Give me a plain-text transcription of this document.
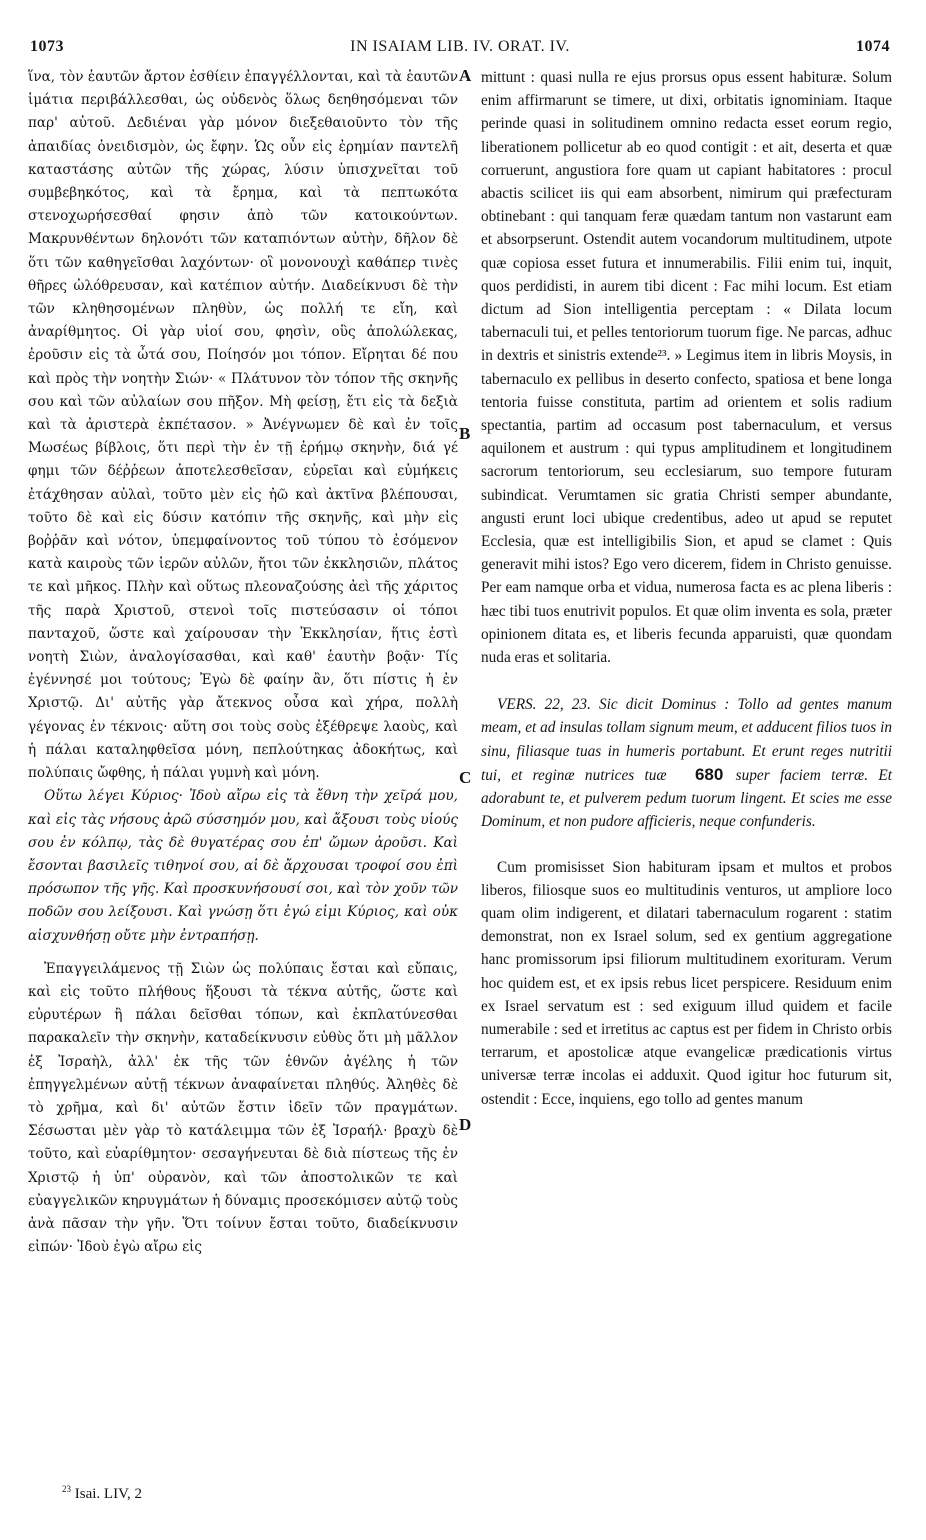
1073	IN ISAIAM LIB. IV. ORAT. IV.	1074

ἵνα, τὸν ἑαυτῶν ἄρτον ἐσθίειν ἐπαγγέλλονται, καὶ τὰ ἑαυτῶν ἱμάτια περιβάλλεσθαι, ὡς οὐδενὸς ὅλως δεηθησόμεναι τῶν παρ' αὐτοῦ. Δεδιέναι γὰρ μόνον διεξεθαιοῦντο τὸν τῆς ἀπαιδίας ὀνειδισμὸν, ὡς ἔφην. Ὡς οὖν εἰς ἐρημίαν παντελῆ καταστάσης αὐτῶν τῆς χώρας, λύσιν ὑπισχνεῖται τοῦ συμβεβηκότος, καὶ τὰ ἔρημα, καὶ τὰ πεπτωκότα στενοχωρήσεσθαί φησιν ἀπὸ τῶν κατοικούντων. Μακρυνθέντων δηλονότι τῶν καταπιόντων αὐτὴν, δῆλον δὲ ὅτι τῶν καθηγεῖσθαι λαχόντων· οἳ μονονουχὶ καθάπερ τινὲς θῆρες ὠλόθρευσαν, καὶ κατέπιον αὐτήν. Διαδείκνυσι δὲ τὴν τῶν κληθησομένων πληθὺν, ὡς πολλή τε εἴη, καὶ ἀναρίθμητος. Οἱ γὰρ υἱοί σου, φησὶν, οὓς ἀπολώλεκας, ἐροῦσιν εἰς τὰ ὦτά σου, Ποίησόν μοι τόπον. Εἴρηται δέ που καὶ πρὸς τὴν νοητὴν Σιών· « Πλάτυνον τὸν τόπον τῆς σκηνῆς σου καὶ τῶν αὐλαίων σου πῆξον. Μὴ φείσῃ, ἔτι εἰς τὰ δεξιὰ καὶ τὰ ἀριστερὰ ἐκπέτασον. » Ἀνέγνωμεν δὲ καὶ ἐν τοῖς Μωσέως βίβλοις, ὅτι περὶ τὴν ἐν τῇ ἐρήμῳ σκηνὴν, διά γέ φημι τῶν δέῤῥεων ἀποτελεσθεῖσαν, εὐρεῖαι καὶ εὐμήκεις ἐτάχθησαν αὐλαὶ, τοῦτο μὲν εἰς ἠῶ καὶ ἀκτῖνα βλέπουσαι, τοῦτο δὲ καὶ εἰς δύσιν κατόπιν τῆς σκηνῆς, καὶ μὴν εἰς βοῤῥᾶν καὶ νότον, ὑπεμφαίνοντος τοῦ τύπου τὸ ἐσόμενον κατὰ καιροὺς τῶν ἱερῶν αὐλῶν, ἤτοι τῶν ἐκκλησιῶν, πλάτος τε καὶ μῆκος. Πλὴν καὶ οὕτως πλεοναζούσης ἀεὶ τῆς χάριτος τῆς παρὰ Χριστοῦ, στενοὶ τοῖς πιστεύσασιν οἱ τόποι πανταχοῦ, ὥστε καὶ χαίρουσαν τὴν Ἐκκλησίαν, ἥτις ἐστὶ νοητὴ Σιὼν, ἀναλογίσασθαι, καὶ καθ' ἑαυτὴν βοᾷν· Τίς ἐγέννησέ μοι τούτους; Ἐγὼ δὲ φαίην ἂν, ὅτι πίστις ἡ ἐν Χριστῷ. Δι' αὐτῆς γὰρ ἄτεκνος οὖσα καὶ χήρα, πολλὴ γέγονας ἐν τέκνοις· αὕτη σοι τοὺς σοὺς ἐξέθρεψε λαοὺς, καὶ ἡ πάλαι καταληφθεῖσα μόνη, πεπλούτηκας ἀδοκήτως, καὶ πολύπαις ὤφθης, ἡ πάλαι γυμνὴ καὶ μόνη.

Οὕτω λέγει Κύριος· Ἰδοὺ αἴρω εἰς τὰ ἔθνη τὴν χεῖρά μου, καὶ εἰς τὰς νήσους ἀρῶ σύσσημόν μου, καὶ ἄξουσι τοὺς υἱούς σου ἐν κόλπῳ, τὰς δὲ θυγατέρας σου ἐπ' ὤμων ἀροῦσι. Καὶ ἔσονται βασιλεῖς τιθηνοί σου, αἱ δὲ ἄρχουσαι τροφοί σου ἐπὶ πρόσωπον τῆς γῆς. Καὶ προσκυνήσουσί σοι, καὶ τὸν χοῦν τῶν ποδῶν σου λείξουσι. Καὶ γνώσῃ ὅτι ἐγώ εἰμι Κύριος, καὶ οὐκ αἰσχυνθήσῃ οὔτε μὴν ἐντραπήσῃ.

Ἐπαγγειλάμενος τῇ Σιὼν ὡς πολύπαις ἔσται καὶ εὔπαις, καὶ εἰς τοῦτο πλήθους ἥξουσι τὰ τέκνα αὐτῆς, ὥστε καὶ εὐρυτέρων ἢ πάλαι δεῖσθαι τόπων, καὶ ἐκπλατύνεσθαι παρακαλεῖν τὴν σκηνὴν, καταδείκνυσιν εὐθὺς ὅτι μὴ μᾶλλον ἐξ Ἰσραὴλ, ἀλλ' ἐκ τῆς τῶν ἐθνῶν ἀγέλης ἡ τῶν ἐπηγγελμένων αὐτῇ τέκνων ἀναφαίνεται πληθύς. Ἀληθὲς δὲ τὸ χρῆμα, καὶ δι' αὐτῶν ἔστιν ἰδεῖν τῶν πραγμάτων. Σέσωσται μὲν γὰρ τὸ κατάλειμμα τῶν ἐξ Ἰσραήλ· βραχὺ δὲ τοῦτο, καὶ εὐαρίθμητον· σεσαγήνευται δὲ διὰ πίστεως τῆς ἐν Χριστῷ ἡ ὑπ' οὐρανὸν, καὶ τῶν ἀποστολικῶν τε καὶ εὐαγγελικῶν κηρυγμάτων ἡ δύναμις προσεκόμισεν αὐτῷ τοὺς ἀνὰ πᾶσαν τὴν γῆν. Ὅτι τοίνυν ἔσται τοῦτο, διαδείκνυσιν εἰπών· Ἰδοὺ ἐγὼ αἴρω εἰς

A
B
C
D

mittunt : quasi nulla re ejus prorsus opus essent habituræ. Solum enim affirmarunt se timere, ut dixi, orbitatis ignominiam. Itaque perinde quasi in solitudinem omnino redacta esset eorum regio, liberationem pollicetur ab eo quod contigit : et ait, deserta et quæ corruerunt, angustiora fore quam ut capiant habitatores : procul abactis scilicet iis qui eam absorbent, nimirum qui præfecturam obtinebant : qui tanquam feræ quædam tantum non vastarunt eam et absorpserunt. Ostendit autem vocandorum multitudinem, utpote quæ copiosa esset futura et innumerabilis. Filii enim tui, inquit, quos perdidisti, in aurem tibi dicent : Fac mihi locum. Est etiam dictum ad Sion intelligentia perceptam : « Dilata locum tabernaculi tui, et pelles tentoriorum tuorum fige. Ne parcas, adhuc in dextris et sinistris extende²³. » Legimus item in libris Moysis, in tabernaculo ex pellibus in deserto confecto, spatiosa et bene longa tentoria fuisse constituta, partim ad orientem et solis radium spectantia, partim ad occasum post tabernaculum, et versus aquilonem et austrum : qui typus amplitudinem et longitudinem sacrorum tentoriorum, seu ecclesiarum, suo tempore futuram subindicat. Verumtamen sic gratia Christi semper abundante, angusti erunt loci ubique credentibus, adeo ut apud se reputet Ecclesia, quæ est intelligibilis Sion, et apud se clamet : Quis generavit mihi istos? Ego vero dicerem, fidem in Christo genuisse. Per eam namque orba et vidua, numerosa facta es ac plena liberis : hæc tibi tuos enutrivit populos. Et quæ olim inventa es sola, præter opinionem ditata es, et liberis fecunda apparuisti, quæ quondam nuda eras et solitaria.

VERS. 22, 23. Sic dicit Dominus : Tollo ad gentes manum meam, et ad insulas tollam signum meum, et adducent filios tuos in sinu, filiasque tuas in humeris portabunt. Et erunt reges nutritii tui, et reginæ nutrices tuæ 680 super faciem terræ. Et adorabunt te, et pulverem pedum tuorum lingent. Et scies me esse Dominum, et non pudore afficieris, neque confunderis.

Cum promisisset Sion habituram ipsam et multos et probos liberos, filiosque suos eo multitudinis venturos, ut ampliore loco quam olim indigerent, et dilatari tabernaculum rogarent : statim demonstrat, non ex Israel solum, sed ex gentium aggregatione hanc promissorum ipsi filiorum multitudinem exorituram. Verum hoc quidem est, et ex ipsis rebus licet perspicere. Residuum enim ex Israel servatum est : sed exiguum illud quidem et facile numerabile : sed et irretitus ac captus est per fidem in Christo orbis terrarum, et apostolicæ atque evangelicæ prædicationis virtus universæ terræ incolas ei adduxit. Quod igitur hoc futurum sit, ostendit : Ecce, inquiens, ego tollo ad gentes manum

$^{23}$ Isai. LIV, 2
